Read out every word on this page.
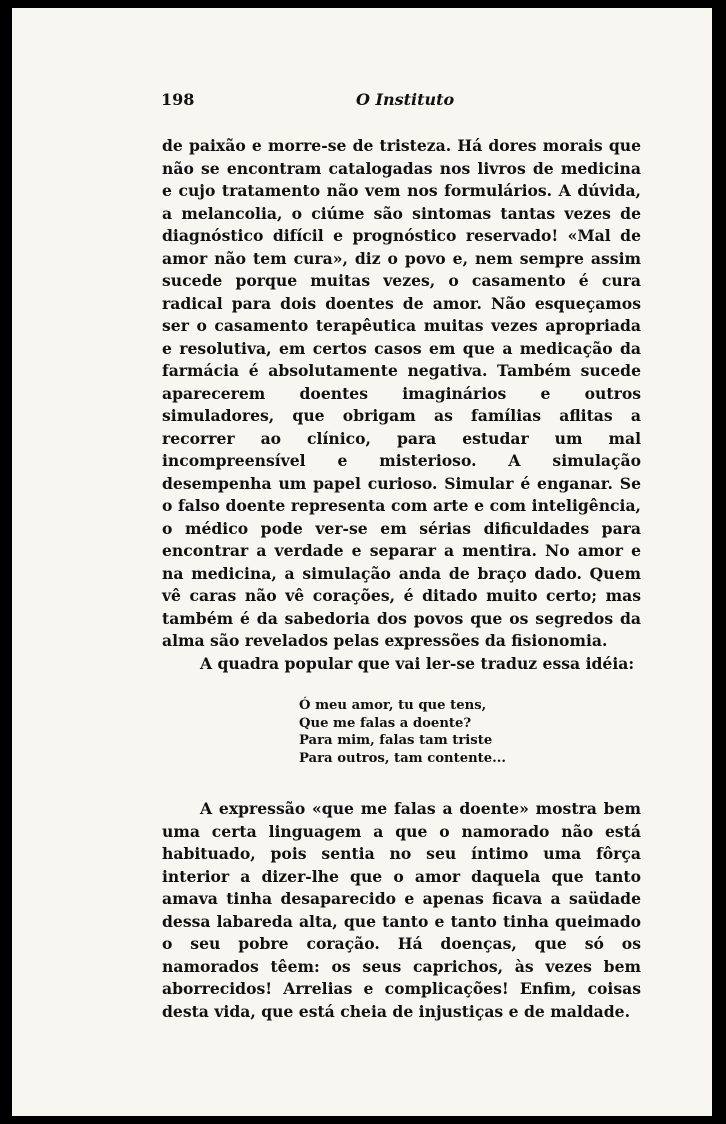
198	O Instituto

de paixão e morre-se de tristeza. Há dores morais que não se encontram catalogadas nos livros de medicina e cujo tratamento não vem nos formulários. A dúvida, a melancolia, o ciúme são sintomas tantas vezes de diagnóstico difícil e prognóstico reservado! «Mal de amor não tem cura», diz o povo e, nem sempre assim sucede porque muitas vezes, o casamento é cura radical para dois doentes de amor. Não esqueçamos ser o casamento terapêutica muitas vezes apropriada e resolutiva, em certos casos em que a medicação da farmácia é absolutamente negativa. Também sucede aparecerem doentes imaginários e outros simuladores, que obrigam as famílias aflitas a recorrer ao clínico, para estudar um mal incompreensível e misterioso. A simulação desempenha um papel curioso. Simular é enganar. Se o falso doente representa com arte e com inteligência, o médico pode ver-se em sérias dificuldades para encontrar a verdade e separar a mentira. No amor e na medicina, a simulação anda de braço dado. Quem vê caras não vê corações, é ditado muito certo; mas também é da sabedoria dos povos que os segredos da alma são revelados pelas expressões da fisionomia.

A quadra popular que vai ler-se traduz essa idéia:

Ó meu amor, tu que tens,
Que me falas a doente?
Para mim, falas tam triste
Para outros, tam contente...

A expressão «que me falas a doente» mostra bem uma certa linguagem a que o namorado não está habituado, pois sentia no seu íntimo uma fôrça interior a dizer-lhe que o amor daquela que tanto amava tinha desaparecido e apenas ficava a saüdade dessa labareda alta, que tanto e tanto tinha queimado o seu pobre coração. Há doenças, que só os namorados têem: os seus caprichos, às vezes bem aborrecidos! Arrelias e complicações! Enfim, coisas desta vida, que está cheia de injustiças e de maldade.
